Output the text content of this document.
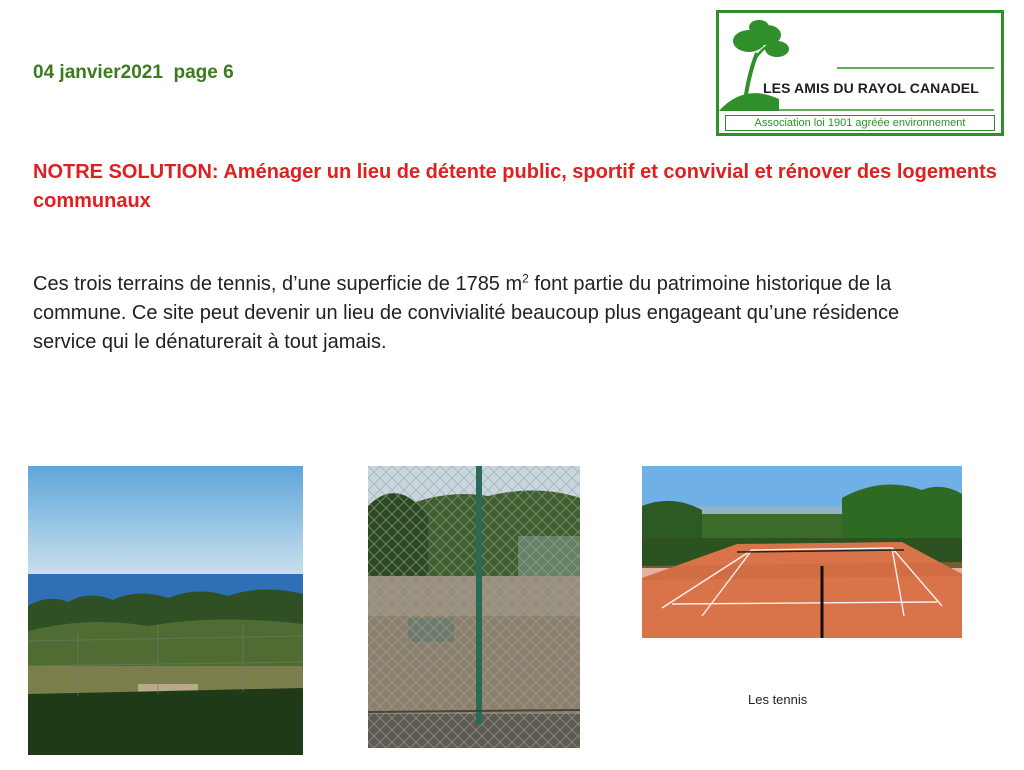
04 janvier2021  page 6
LES AMIS DU RAYOL CANADEL
Association loi 1901 agréée environnement
NOTRE SOLUTION: Aménager un lieu de détente public, sportif et convivial et rénover des logements communaux
Ces trois terrains de tennis, d’une superficie de 1785 $m^2$ font partie du patrimoine historique de la commune. Ce site peut devenir un lieu de convivialité beaucoup plus engageant qu’une résidence service qui le dénaturerait à tout jamais.
Les tennis
